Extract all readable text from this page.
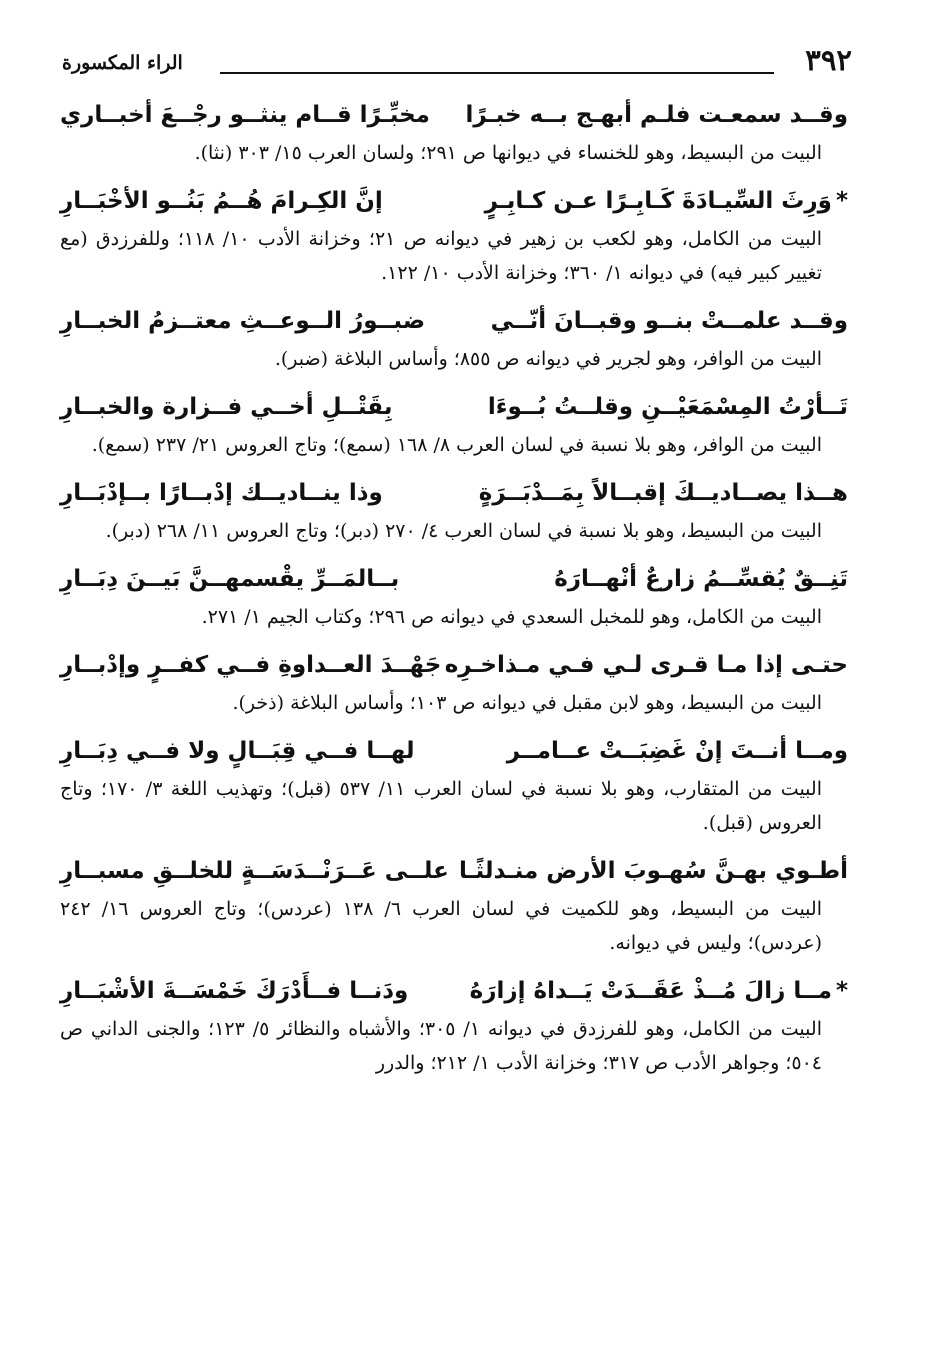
٣٩٢
الراء المكسورة
وقــد سمعـت فلـم أبهـج بــه خبـرًا
مخبِّـرًا قــام ينثــو رجْــعَ أخبــاري
البيت من البسيط، وهو للخنساء في ديوانها ص ٢٩١؛ ولسان العرب ١٥/ ٣٠٣ (نثا).
*وَرِثَ السِّيـادَةَ كَـابِـرًا عـن كـابِـرٍ
إنَّ الكِـرامَ هُــمُ بَنُــو الأخْبَــارِ
البيت من الكامل، وهو لكعب بن زهير في ديوانه ص ٢١؛ وخزانة الأدب ١٠/ ١١٨؛ وللفرزدق (مع تغيير كبير فيه) في ديوانه ١/ ٣٦٠؛ وخزانة الأدب ١٠/ ١٢٢.
وقــد علمــتْ بنــو وقبــانَ أنّــي
ضبــورُ الــوعــثِ معتــزمُ الخبــارِ
البيت من الوافر، وهو لجرير في ديوانه ص ٨٥٥؛ وأساس البلاغة (ضبر).
تَــأرْتُ المِسْمَعَيْــنِ وقلــتُ بُــوءَا
بِقَتْــلِ أخــي فــزارة والخبــارِ
البيت من الوافر، وهو بلا نسبة في لسان العرب ٨/ ١٦٨ (سمع)؛ وتاج العروس ٢١/ ٢٣٧ (سمع).
هــذا يصــاديــكَ إقبــالاً بِمَــدْبَــرَةٍ
وذا ينــاديــك إدْبــارًا بــإدْبَــارِ
البيت من البسيط، وهو بلا نسبة في لسان العرب ٤/ ٢٧٠ (دبر)؛ وتاج العروس ١١/ ٢٦٨ (دبر).
تَنِــقٌ يُقسِّــمُ زارعٌ أنْهــارَهُ
بــالمَــرِّ يقْسمهــنَّ بَيــنَ دِبَــارِ
البيت من الكامل، وهو للمخبل السعدي في ديوانه ص ٢٩٦؛ وكتاب الجيم ١/ ٢٧١.
حتـى إذا مـا قـرى لـي فـي مـذاخـرِه
جَهْــدَ العــداوةِ فــي كفــرٍ وإدْبــارِ
البيت من البسيط، وهو لابن مقبل في ديوانه ص ١٠٣؛ وأساس البلاغة (ذخر).
ومــا أنــتَ إنْ غَضِبَــتْ عــامــر
لهــا فــي قِبَــالٍ ولا فــي دِبَــارِ
البيت من المتقارب، وهو بلا نسبة في لسان العرب ١١/ ٥٣٧ (قبل)؛ وتهذيب اللغة ٣/ ١٧٠؛ وتاج العروس (قبل).
أطـوي بهـنَّ سُهـوبَ الأرض منـدلثًـا
علــى عَــرَنْــدَسَــةٍ للخلــقِ مسبــارِ
البيت من البسيط، وهو للكميت في لسان العرب ٦/ ١٣٨ (عردس)؛ وتاج العروس ١٦/ ٢٤٢ (عردس)؛ وليس في ديوانه.
*مــا زالَ مُــذْ عَقَــدَتْ يَــداهُ إزارَهُ
ودَنــا فــأَدْرَكَ خَمْسَــةَ الأشْبَــارِ
البيت من الكامل، وهو للفرزدق في ديوانه ١/ ٣٠٥؛ والأشباه والنظائر ٥/ ١٢٣؛ والجنى الداني ص ٥٠٤؛ وجواهر الأدب ص ٣١٧؛ وخزانة الأدب ١/ ٢١٢؛ والدرر
